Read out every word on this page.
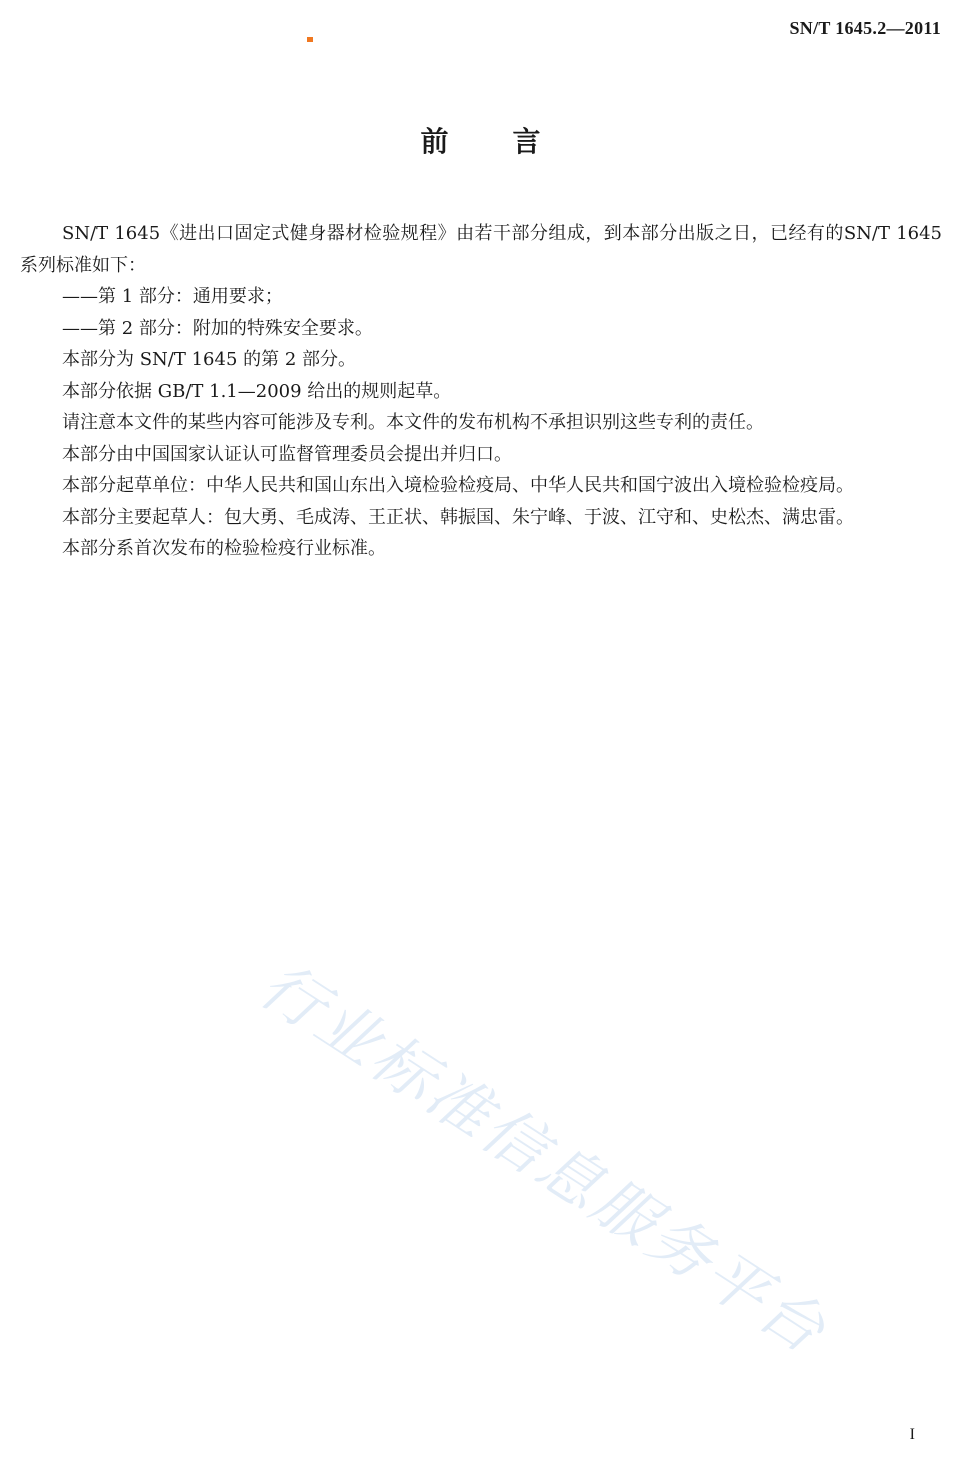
SN/T 1645.2—2011
前 言

SN/T 1645《进出口固定式健身器材检验规程》由若干部分组成，到本部分出版之日，已经有的SN/T 1645 系列标准如下：

——第 1 部分：通用要求；

——第 2 部分：附加的特殊安全要求。

本部分为 SN/T 1645 的第 2 部分。

本部分依据 GB/T 1.1—2009 给出的规则起草。

请注意本文件的某些内容可能涉及专利。本文件的发布机构不承担识别这些专利的责任。

本部分由中国国家认证认可监督管理委员会提出并归口。

本部分起草单位：中华人民共和国山东出入境检验检疫局、中华人民共和国宁波出入境检验检疫局。

本部分主要起草人：包大勇、毛成涛、王正状、韩振国、朱宁峰、于波、江守和、史松杰、满忠雷。

本部分系首次发布的检验检疫行业标准。

行业标准信息服务平台
I
